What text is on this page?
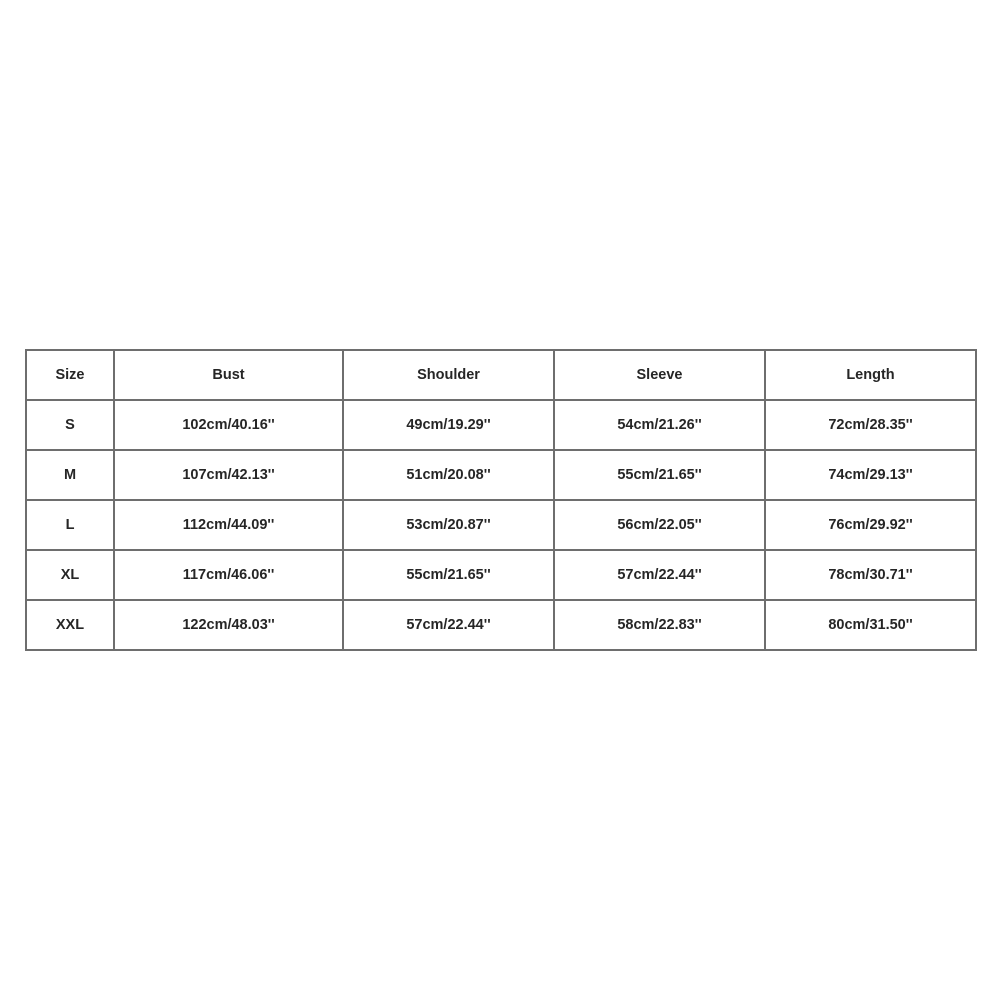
Size	Bust	Shoulder	Sleeve	Length
S	102cm/40.16''	49cm/19.29''	54cm/21.26''	72cm/28.35''
M	107cm/42.13''	51cm/20.08''	55cm/21.65''	74cm/29.13''
L	112cm/44.09''	53cm/20.87''	56cm/22.05''	76cm/29.92''
XL	117cm/46.06''	55cm/21.65''	57cm/22.44''	78cm/30.71''
XXL	122cm/48.03''	57cm/22.44''	58cm/22.83''	80cm/31.50''
